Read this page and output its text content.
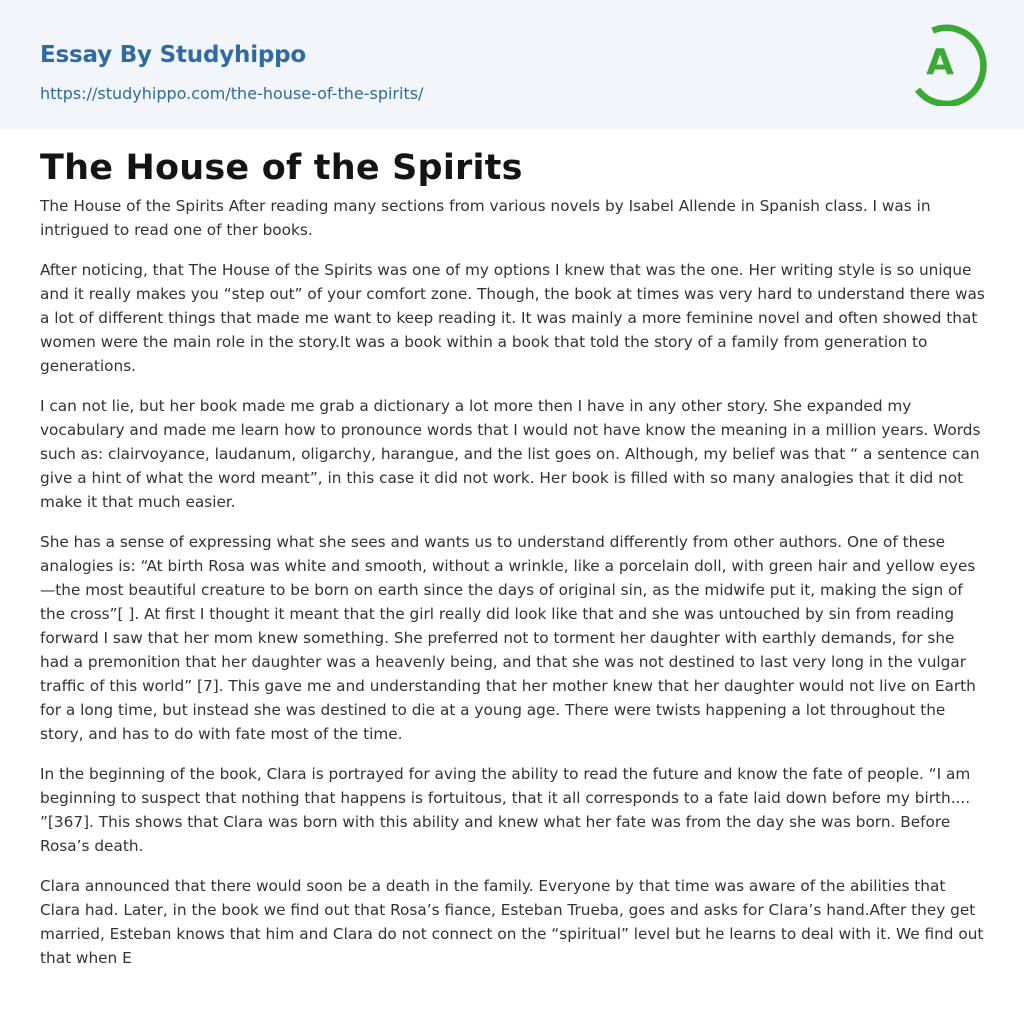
Essay By Studyhippo
https://studyhippo.com/the-house-of-the-spirits/
A
The House of the Spirits

The House of the Spirits After reading many sections from various novels by Isabel Allende in Spanish class. I was in intrigued to read one of ther books.

After noticing, that The House of the Spirits was one of my options I knew that was the one. Her writing style is so unique and it really makes you “step out” of your comfort zone. Though, the book at times was very hard to understand there was a lot of different things that made me want to keep reading it. It was mainly a more feminine novel and often showed that women were the main role in the story.It was a book within a book that told the story of a family from generation to generations.

I can not lie, but her book made me grab a dictionary a lot more then I have in any other story. She expanded my vocabulary and made me learn how to pronounce words that I would not have know the meaning in a million years. Words such as: clairvoyance, laudanum, oligarchy, harangue, and the list goes on. Although, my belief was that “ a sentence can give a hint of what the word meant”, in this case it did not work. Her book is filled with so many analogies that it did not make it that much easier.

She has a sense of expressing what she sees and wants us to understand differently from other authors. One of these analogies is: “At birth Rosa was white and smooth, without a wrinkle, like a porcelain doll, with green hair and yellow eyes—the most beautiful creature to be born on earth since the days of original sin, as the midwife put it, making the sign of the cross”[ ]. At first I thought it meant that the girl really did look like that and she was untouched by sin from reading forward I saw that her mom knew something. She preferred not to torment her daughter with earthly demands, for she had a premonition that her daughter was a heavenly being, and that she was not destined to last very long in the vulgar traffic of this world” [7]. This gave me and understanding that her mother knew that her daughter would not live on Earth for a long time, but instead she was destined to die at a young age. There were twists happening a lot throughout the story, and has to do with fate most of the time.

In the beginning of the book, Clara is portrayed for aving the ability to read the future and know the fate of people. “I am beginning to suspect that nothing that happens is fortuitous, that it all corresponds to a fate laid down before my birth.... ”[367]. This shows that Clara was born with this ability and knew what her fate was from the day she was born. Before Rosa’s death.

Clara announced that there would soon be a death in the family. Everyone by that time was aware of the abilities that Clara had. Later, in the book we find out that Rosa’s fiance, Esteban Trueba, goes and asks for Clara’s hand.After they get married, Esteban knows that him and Clara do not connect on the “spiritual” level but he learns to deal with it. We find out that when E
